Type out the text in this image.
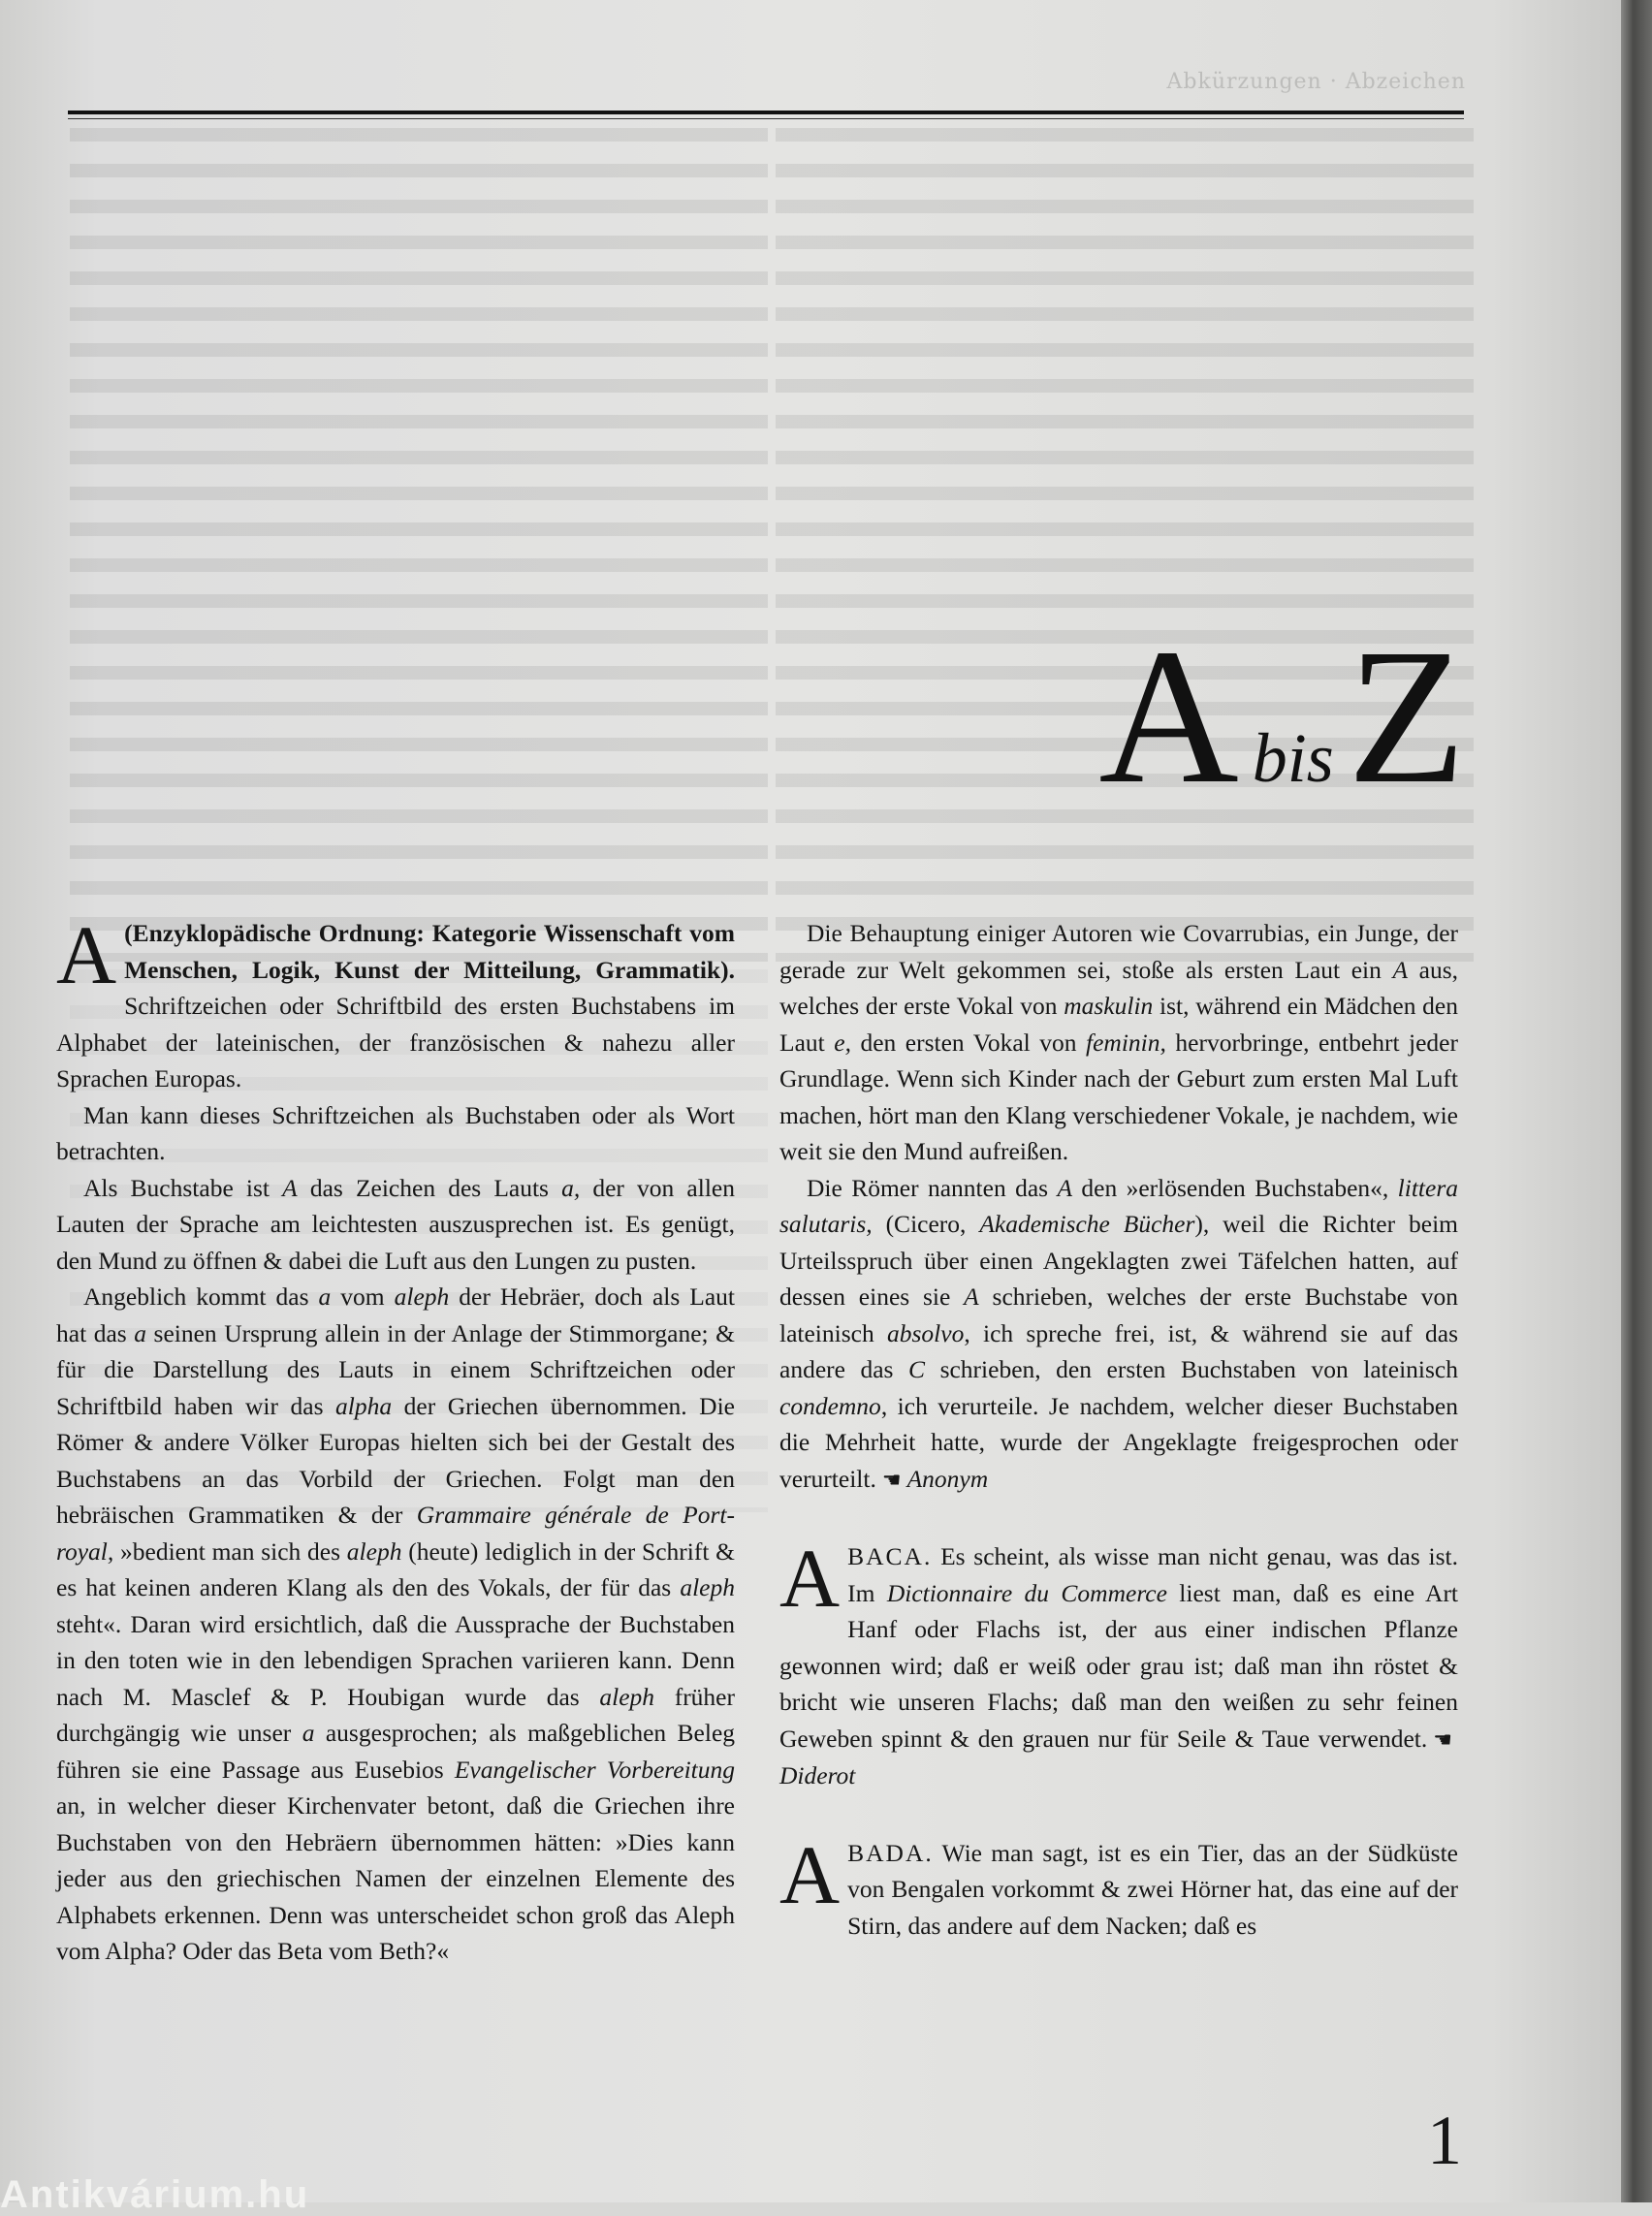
Abkürzungen · Abzeichen
A bis Z

A (Enzyklopädische Ordnung: Kategorie Wissenschaft vom Menschen, Logik, Kunst der Mitteilung, Grammatik). Schriftzeichen oder Schriftbild des ersten Buchstabens im Alphabet der lateinischen, der französischen & nahezu aller Sprachen Europas.

Man kann dieses Schriftzeichen als Buchstaben oder als Wort betrachten.

Als Buchstabe ist A das Zeichen des Lauts a, der von allen Lauten der Sprache am leichtesten auszusprechen ist. Es genügt, den Mund zu öffnen & dabei die Luft aus den Lungen zu pusten.

Angeblich kommt das a vom aleph der Hebräer, doch als Laut hat das a seinen Ursprung allein in der Anlage der Stimmorgane; & für die Darstellung des Lauts in einem Schriftzeichen oder Schriftbild haben wir das alpha der Griechen übernommen. Die Römer & andere Völker Europas hielten sich bei der Gestalt des Buchstabens an das Vorbild der Griechen. Folgt man den hebräischen Grammatiken & der Grammaire générale de Port-royal, »bedient man sich des aleph (heute) lediglich in der Schrift & es hat keinen anderen Klang als den des Vokals, der für das aleph steht«. Daran wird ersichtlich, daß die Aussprache der Buchstaben in den toten wie in den lebendigen Sprachen variieren kann. Denn nach M. Masclef & P. Houbigan wurde das aleph früher durchgängig wie unser a ausgesprochen; als maßgeblichen Beleg führen sie eine Passage aus Eusebios Evangelischer Vorbereitung an, in welcher dieser Kirchenvater betont, daß die Griechen ihre Buchstaben von den Hebräern übernommen hätten: »Dies kann jeder aus den griechischen Namen der einzelnen Elemente des Alphabets erkennen. Denn was unterscheidet schon groß das Aleph vom Alpha? Oder das Beta vom Beth?«

Die Behauptung einiger Autoren wie Covarrubias, ein Junge, der gerade zur Welt gekommen sei, stoße als ersten Laut ein A aus, welches der erste Vokal von maskulin ist, während ein Mädchen den Laut e, den ersten Vokal von feminin, hervorbringe, entbehrt jeder Grundlage. Wenn sich Kinder nach der Geburt zum ersten Mal Luft machen, hört man den Klang verschiedener Vokale, je nachdem, wie weit sie den Mund aufreißen.

Die Römer nannten das A den »erlösenden Buchstaben«, littera salutaris, (Cicero, Akademische Bücher), weil die Richter beim Urteilsspruch über einen Angeklagten zwei Täfelchen hatten, auf dessen eines sie A schrieben, welches der erste Buchstabe von lateinisch absolvo, ich spreche frei, ist, & während sie auf das andere das C schrieben, den ersten Buchstaben von lateinisch condemno, ich verurteile. Je nachdem, welcher dieser Buchstaben die Mehrheit hatte, wurde der Angeklagte freigesprochen oder verurteilt. ☚ Anonym

ABACA. Es scheint, als wisse man nicht genau, was das ist. Im Dictionnaire du Commerce liest man, daß es eine Art Hanf oder Flachs ist, der aus einer indischen Pflanze gewonnen wird; daß er weiß oder grau ist; daß man ihn röstet & bricht wie unseren Flachs; daß man den weißen zu sehr feinen Geweben spinnt & den grauen nur für Seile & Taue verwendet. ☚Diderot

ABADA. Wie man sagt, ist es ein Tier, das an der Südküste von Bengalen vorkommt & zwei Hörner hat, das eine auf der Stirn, das andere auf dem Nacken; daß es

1
Antikvárium.hu
